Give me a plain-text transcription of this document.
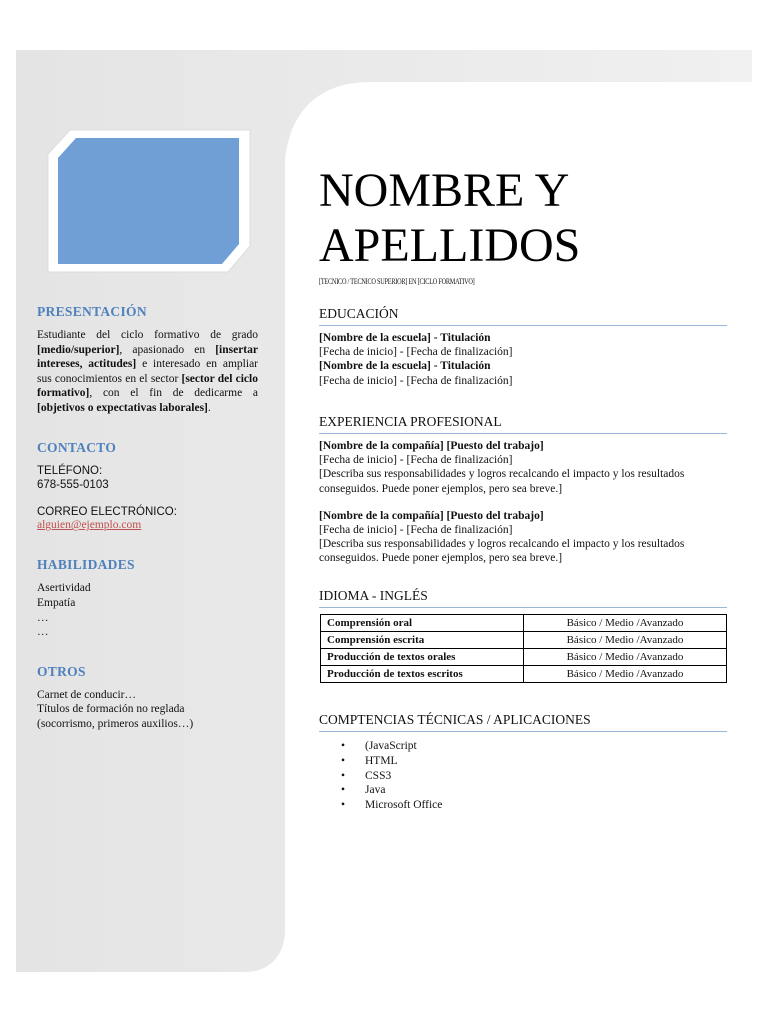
PRESENTACIÓN
Estudiante del ciclo formativo de grado [medio/superior], apasionado en [insertar intereses, actitudes] e interesado en ampliar sus conocimientos en el sector [sector del ciclo formativo], con el fin de dedicarme a [objetivos o expectativas laborales].
CONTACTO
TELÉFONO:
678-555-0103
CORREO ELECTRÓNICO:
alguien@ejemplo.com
HABILIDADES
Asertividad
Empatía
…
…
OTROS
Carnet de conducir…
Títulos de formación no reglada
(socorrismo, primeros auxilios…)
NOMBRE Y APELLIDOS
[TECNICO / TECNICO SUPERIOR] EN [CICLO FORMATIVO]
EDUCACIÓN
[Nombre de la escuela] - Titulación
[Fecha de inicio] - [Fecha de finalización]
[Nombre de la escuela] - Titulación
[Fecha de inicio] - [Fecha de finalización]
EXPERIENCIA PROFESIONAL
[Nombre de la compañía] [Puesto del trabajo]
[Fecha de inicio] - [Fecha de finalización]
[Describa sus responsabilidades y logros recalcando el impacto y los resultados conseguidos. Puede poner ejemplos, pero sea breve.]
[Nombre de la compañía] [Puesto del trabajo]
[Fecha de inicio] - [Fecha de finalización]
[Describa sus responsabilidades y logros recalcando el impacto y los resultados conseguidos. Puede poner ejemplos, pero sea breve.]
IDIOMA - INGLÉS
Comprensión oral	Básico / Medio /Avanzado
Comprensión escrita	Básico / Medio /Avanzado
Producción de textos orales	Básico / Medio /Avanzado
Producción de textos escritos	Básico / Medio /Avanzado
COMPTENCIAS TÉCNICAS / APLICACIONES
• (JavaScript
• HTML
• CSS3
• Java
• Microsoft Office
